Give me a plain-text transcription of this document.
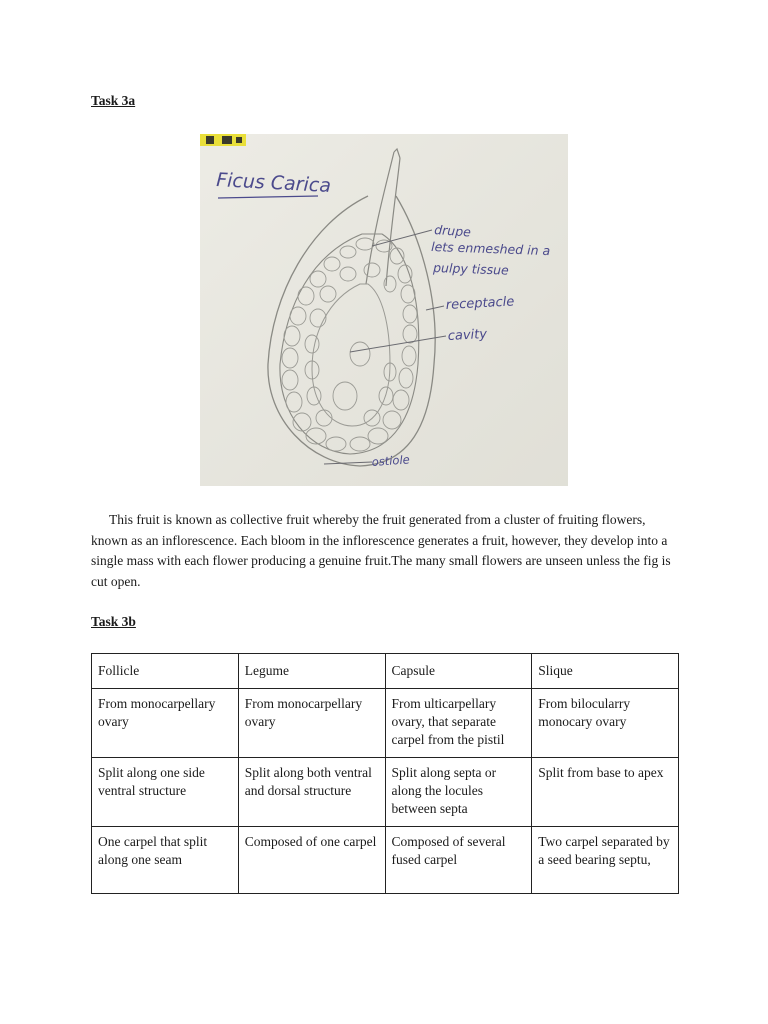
Task 3a
Ficus Carica
drupe
lets enmeshed in a
pulpy tissue
receptacle
cavity
ostiole

This fruit is known as collective fruit whereby the fruit generated from a cluster of fruiting flowers, known as an inflorescence. Each bloom in the inflorescence generates a fruit, however, they develop into a single mass with each flower producing a genuine fruit.The many small flowers are unseen unless the fig is cut open.

Task 3b
Follicle	Legume	Capsule	Slique
From monocarpellary ovary	From monocarpellary ovary	From ulticarpellary ovary, that separate carpel from the pistil	From bilocularry monocary ovary
Split along one side ventral structure	Split along both ventral and dorsal structure	Split along septa or along the locules between septa	Split from base to apex
One carpel that split along one seam	Composed of one carpel	Composed of several fused carpel	Two carpel separated by a seed bearing septu,
